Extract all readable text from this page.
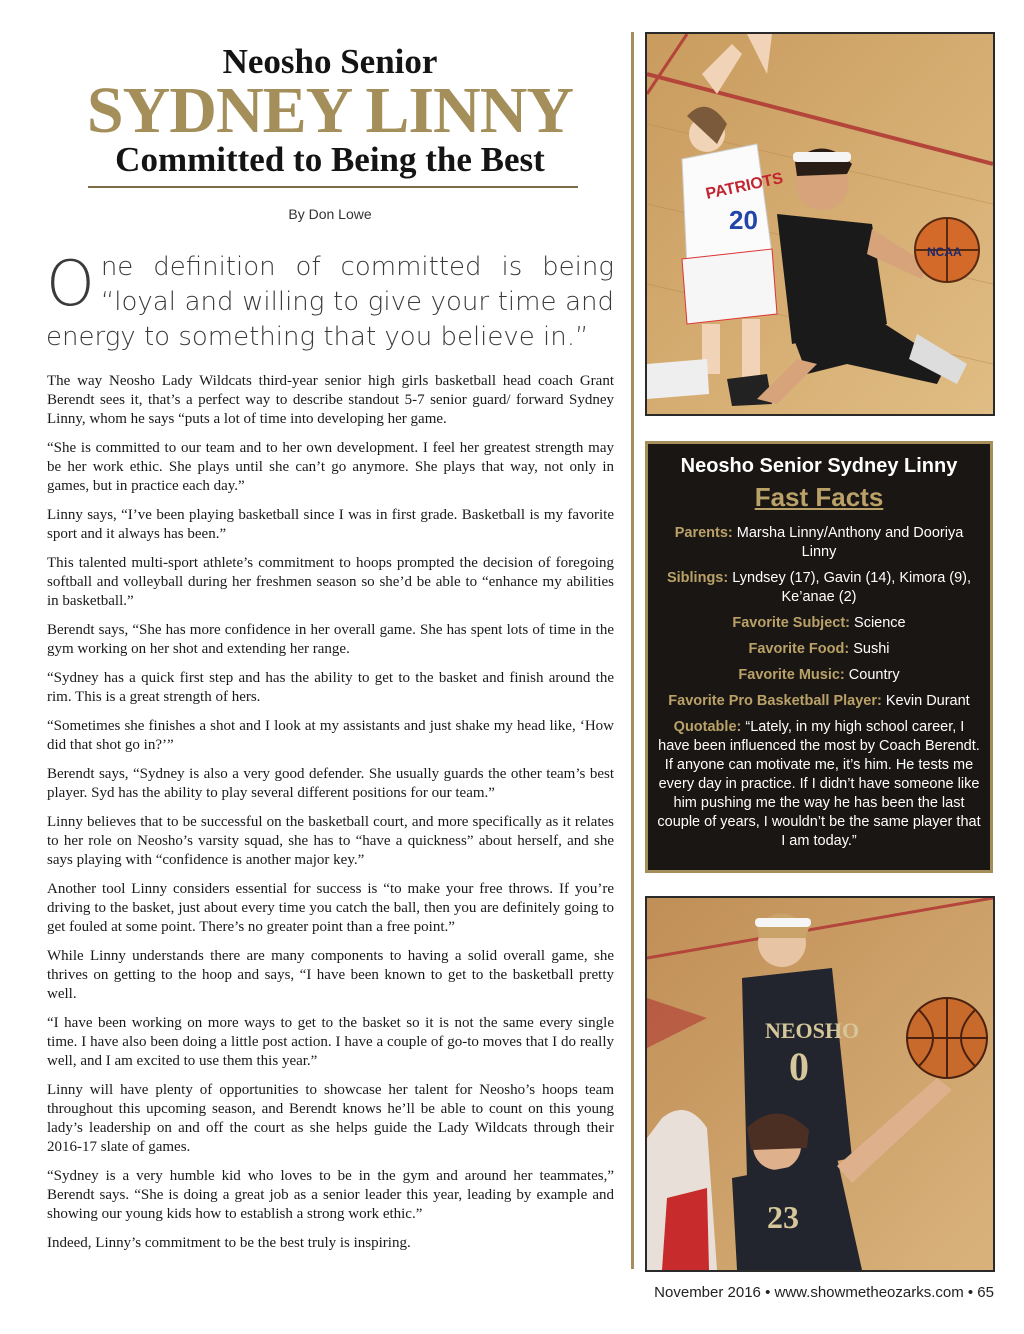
Neosho Senior
SYDNEY LINNY
Committed to Being the Best
By Don Lowe

One definition of committed is being “loyal and willing to give your time and energy to something that you believe in.”

The way Neosho Lady Wildcats third-year senior high girls basketball head coach Grant Berendt sees it, that’s a perfect way to describe standout 5-7 senior guard/ forward Sydney Linny, whom he says “puts a lot of time into developing her game.

“She is committed to our team and to her own development. I feel her greatest strength may be her work ethic. She plays until she can’t go anymore. She plays that way, not only in games, but in practice each day.”

Linny says, “I’ve been playing basketball since I was in first grade. Basketball is my favorite sport and it always has been.”

This talented multi-sport athlete’s commitment to hoops prompted the decision of foregoing softball and volleyball during her freshmen season so she’d be able to “enhance my abilities in basketball.”

Berendt says, “She has more confidence in her overall game. She has spent lots of time in the gym working on her shot and extending her range.

“Sydney has a quick first step and has the ability to get to the basket and finish around the rim. This is a great strength of hers.

“Sometimes she finishes a shot and I look at my assistants and just shake my head like, ‘How did that shot go in?’”

Berendt says, “Sydney is also a very good defender. She usually guards the other team’s best player. Syd has the ability to play several different positions for our team.”

Linny believes that to be successful on the basketball court, and more specifically as it relates to her role on Neosho’s varsity squad, she has to “have a quickness” about herself, and she says playing with “confidence is another major key.”

Another tool Linny considers essential for success is “to make your free throws. If you’re driving to the basket, just about every time you catch the ball, then you are definitely going to get fouled at some point. There’s no greater point than a free point.”

While Linny understands there are many components to having a solid overall game, she thrives on getting to the hoop and says, “I have been known to get to the basketball pretty well.

“I have been working on more ways to get to the basket so it is not the same every single time. I have also been doing a little post action. I have a couple of go-to moves that I do really well, and I am excited to use them this year.”

Linny will have plenty of opportunities to showcase her talent for Neosho’s hoops team throughout this upcoming season, and Berendt knows he’ll be able to count on this young lady’s leadership on and off the court as she helps guide the Lady Wildcats through their 2016-17 slate of games.

“Sydney is a very humble kid who loves to be in the gym and around her teammates,” Berendt says. “She is doing a great job as a senior leader this year, leading by example and showing our young kids how to establish a strong work ethic.”

Indeed, Linny’s commitment to be the best truly is inspiring.

PATRIOTS
20
NCAA
Neosho Senior Sydney Linny
Fast Facts
Parents: Marsha Linny/Anthony and Dooriya Linny
Siblings: Lyndsey (17), Gavin (14), Kimora (9), Ke’anae (2)
Favorite Subject: Science
Favorite Food: Sushi
Favorite Music: Country
Favorite Pro Basketball Player: Kevin Durant
Quotable: “Lately, in my high school career, I have been influenced the most by Coach Berendt. If anyone can motivate me, it’s him. He tests me every day in practice. If I didn’t have someone like him pushing me the way he has been the last couple of years, I wouldn’t be the same player that I am today.”
NEOSHO
0
23
November 2016 • www.showmetheozarks.com • 65
